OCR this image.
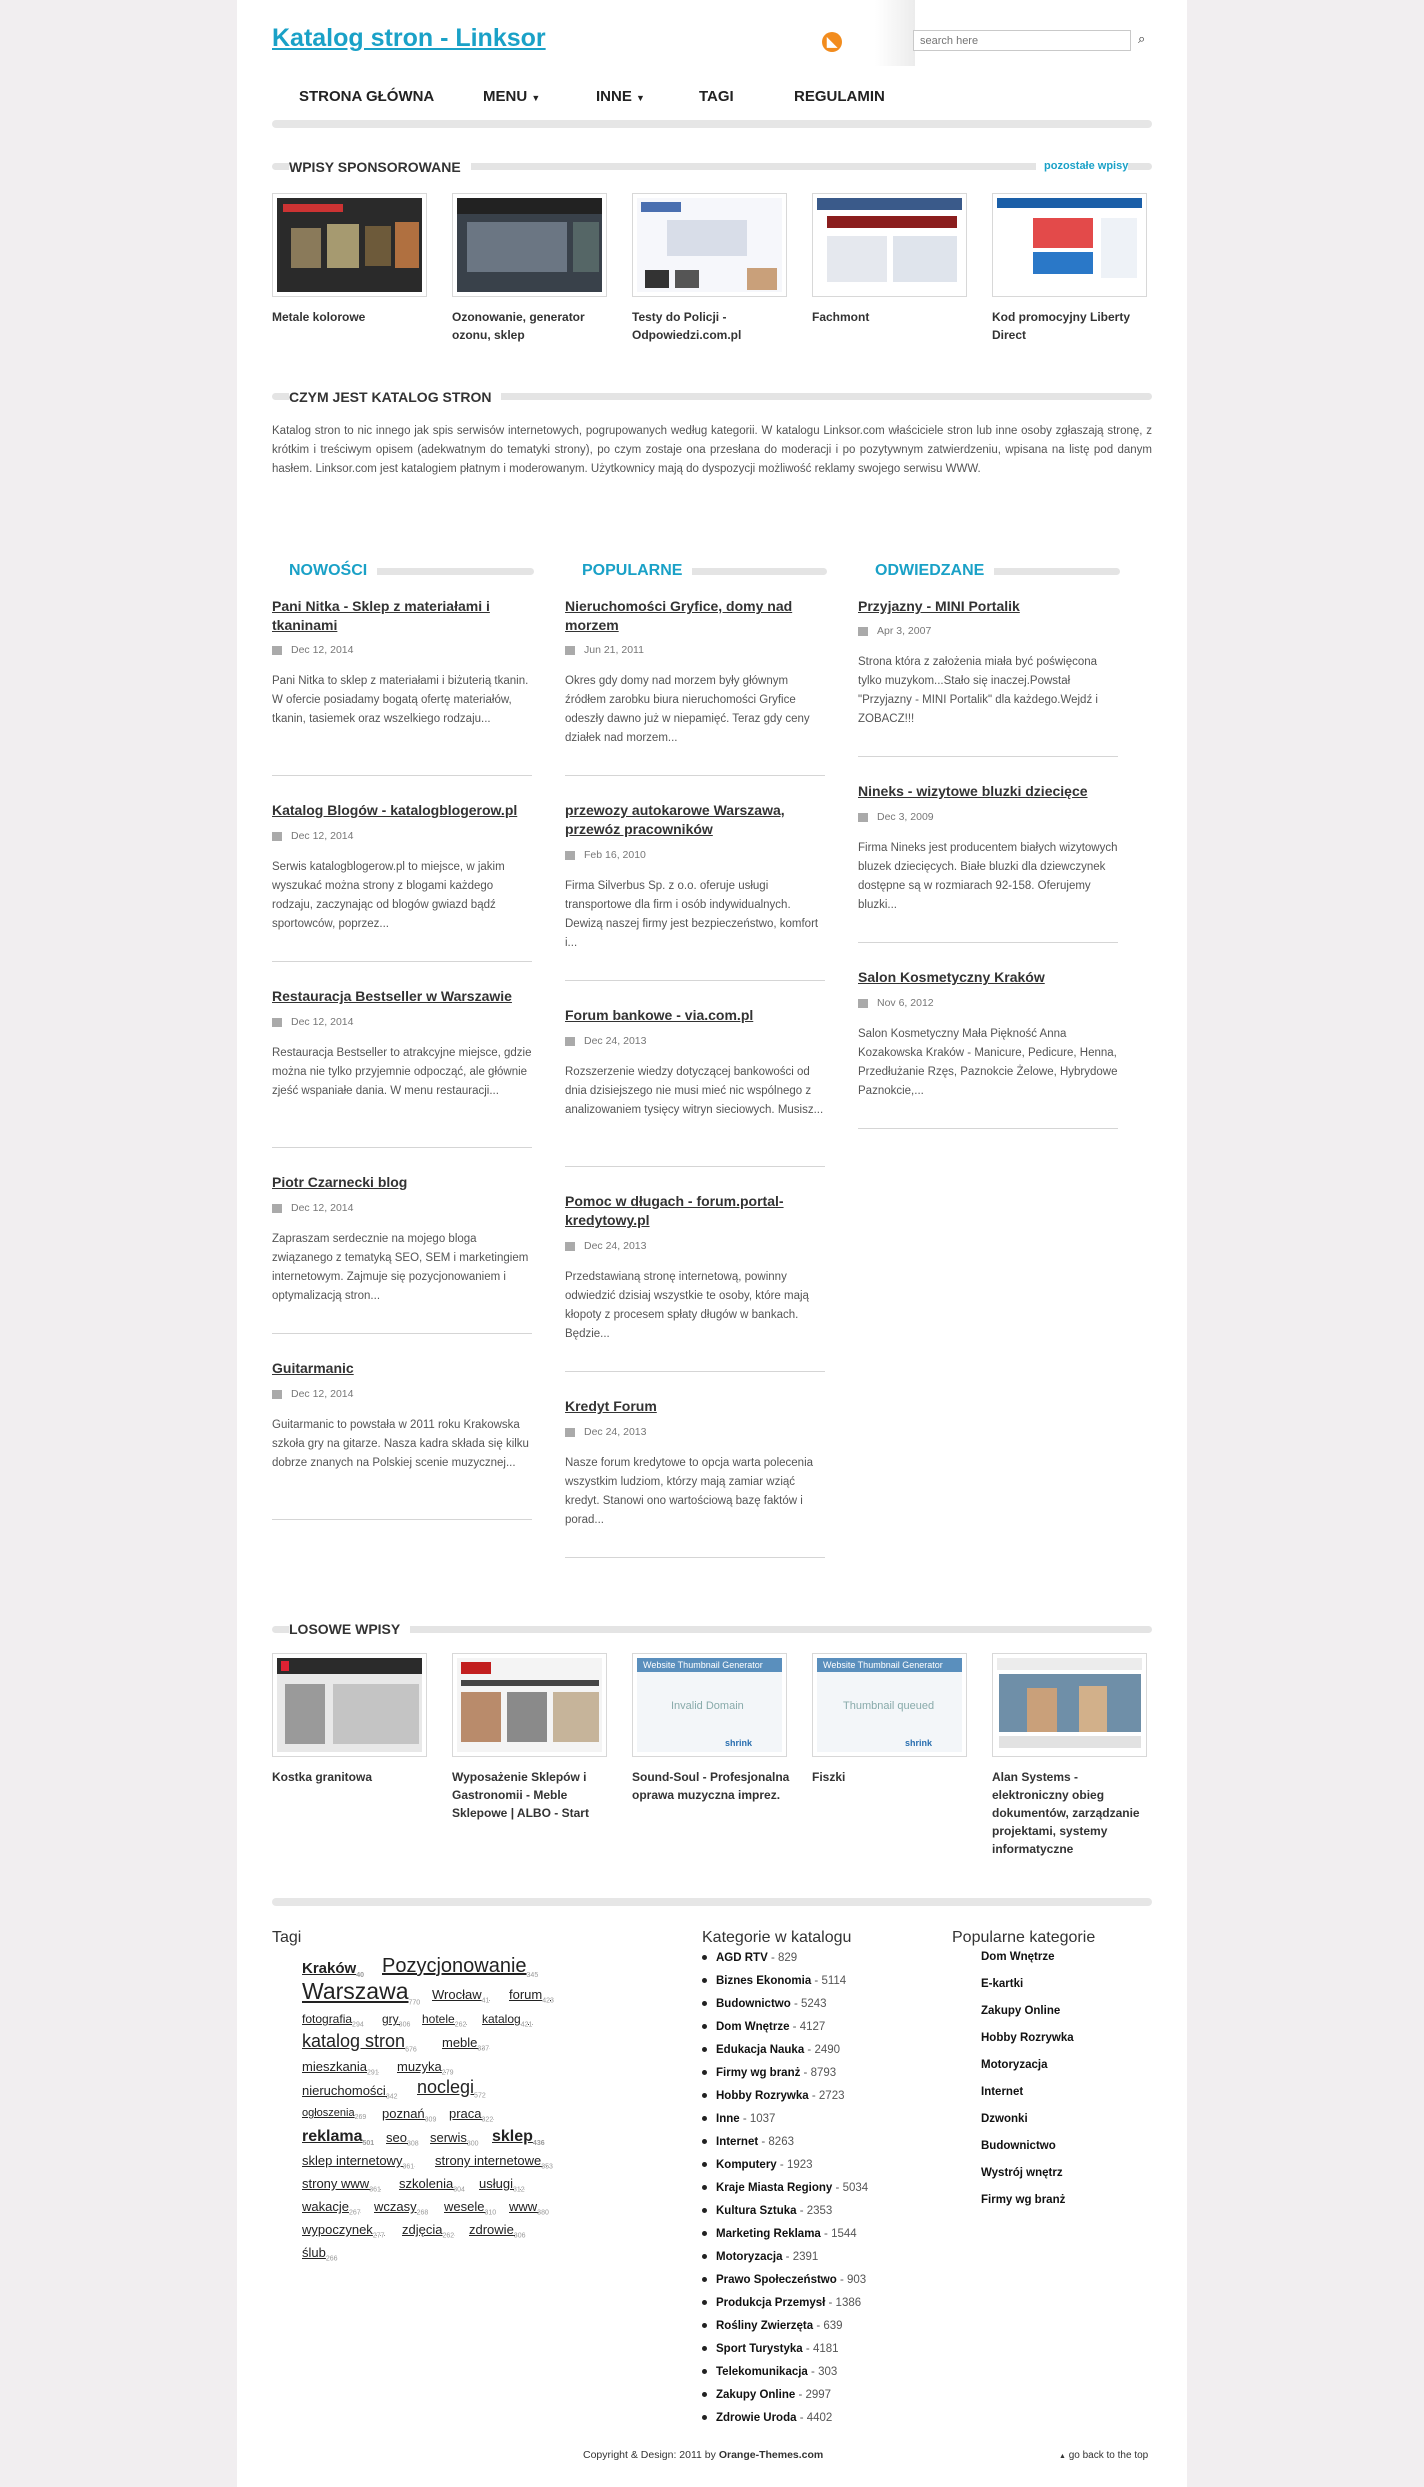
Katalog stron - Linksor	◣
search here	⌕
STRONA GŁÓWNA	MENU ▼	INNE ▼	TAGI	REGULAMIN
WPISY SPONSOROWANE	pozostałe wpisy
Metale kolorowe	Ozonowanie, generator ozonu, sklep
Testy do Policji - Odpowiedzi.com.pl
Fachmont	Kod promocyjny Liberty Direct
CZYM JEST KATALOG STRON
Katalog stron to nic innego jak spis serwisów internetowych, pogrupowanych według kategorii. W katalogu Linksor.com właściciele stron lub inne osoby zgłaszają stronę, z krótkim i treściwym opisem (adekwatnym do tematyki strony), po czym zostaje ona przesłana do moderacji i po pozytywnym zatwierdzeniu, wpisana na listę pod danym hasłem. Linksor.com jest katalogiem płatnym i moderowanym. Użytkownicy mają do dyspozycji możliwość reklamy swojego serwisu WWW.
NOWOŚCI	POPULARNE	ODWIEDZANE
Pani Nitka - Sklep z materiałami i tkaninami
Dec 12, 2014
Pani Nitka to sklep z materiałami i biżuterią tkanin. W ofercie posiadamy bogatą ofertę materiałów, tkanin, tasiemek oraz wszelkiego rodzaju...
Katalog Blogów - katalogblogerow.pl
Dec 12, 2014
Serwis katalogblogerow.pl to miejsce, w jakim wyszukać można strony z blogami każdego rodzaju, zaczynając od blogów gwiazd bądź sportowców, poprzez...
Restauracja Bestseller w Warszawie
Dec 12, 2014
Restauracja Bestseller to atrakcyjne miejsce, gdzie można nie tylko przyjemnie odpocząć, ale głównie zjeść wspaniałe dania. W menu restauracji...
Piotr Czarnecki blog
Dec 12, 2014
Zapraszam serdecznie na mojego bloga związanego z tematyką SEO, SEM i marketingiem internetowym. Zajmuje się pozycjonowaniem i optymalizacją stron...
Guitarmanic
Dec 12, 2014
Guitarmanic to powstała w 2011 roku Krakowska szkoła gry na gitarze. Nasza kadra składa się kilku dobrze znanych na Polskiej scenie muzycznej...
Nieruchomości Gryfice, domy nad morzem
Jun 21, 2011
Okres gdy domy nad morzem były głównym źródłem zarobku biura nieruchomości Gryfice odeszły dawno już w niepamięć. Teraz gdy ceny działek nad morzem...
przewozy autokarowe Warszawa, przewóz pracowników
Feb 16, 2010
Firma Silverbus Sp. z o.o. oferuje usługi transportowe dla firm i osób indywidualnych. Dewizą naszej firmy jest bezpieczeństwo, komfort i...
Forum bankowe - via.com.pl
Dec 24, 2013
Rozszerzenie wiedzy dotyczącej bankowości od dnia dzisiejszego nie musi mieć nic wspólnego z analizowaniem tysięcy witryn sieciowych. Musisz...
Pomoc w długach - forum.portal-kredytowy.pl
Dec 24, 2013
Przedstawianą stronę internetową, powinny odwiedzić dzisiaj wszystkie te osoby, które mają kłopoty z procesem spłaty długów w bankach. Będzie...
Kredyt Forum
Dec 24, 2013
Nasze forum kredytowe to opcja warta polecenia wszystkim ludziom, którzy mają zamiar wziąć kredyt. Stanowi ono wartościową bazę faktów i porad...
Przyjazny - MINI Portalik
Apr 3, 2007
Strona która z założenia miała być poświęcona tylko muzykom...Stało się inaczej.Powstał "Przyjazny - MINI Portalik" dla każdego.Wejdź i ZOBACZ!!!
Nineks - wizytowe bluzki dziecięce
Dec 3, 2009
Firma Nineks jest producentem białych wizytowych bluzek dziecięcych. Białe bluzki dla dziewczynek dostępne są w rozmiarach 92-158. Oferujemy bluzki...
Salon Kosmetyczny Kraków
Nov 6, 2012
Salon Kosmetyczny Mała Piękność Anna Kozakowska Kraków - Manicure, Pedicure, Henna, Przedłużanie Rzęs, Paznokcie Żelowe, Hybrydowe Paznokcie,...
LOSOWE WPISY
Website Thumbnail Generator
Invalid Domain
shrink
Website Thumbnail Generator
Thumbnail queued
shrink
Kostka granitowa	Wyposażenie Sklepów i Gastronomii - Meble Sklepowe | ALBO - Start
Sound-Soul - Profesjonalna oprawa muzyczna imprez.
Fiszki	Alan Systems - elektroniczny obieg dokumentów, zarządzanie projektami, systemy informatyczne
Tagi
Kraków$_{40}$ Pozycjonowanie$_{345}$
Warszawa$_{770}$
Wrocław$_{41}$ forum$_{423}$
fotografia$_{294}$ gry$_{306}$ hotele$_{262}$ katalog$_{421}$
katalog stron$_{676}$
meble$_{337}$
mieszkania$_{291}$ muzyka$_{279}$
nieruchomości$_{342}$
noclegi$_{572}$
ogłoszenia$_{269}$ poznań$_{309}$ praca$_{322}$
reklama$_{501}$ seo$_{308}$ serwis$_{300}$ sklep$_{436}$
sklep internetowy$_{361}$ strony internetowe$_{353}$
strony www$_{361}$ szkolenia$_{304}$ usługi$_{312}$
wakacje$_{267}$ wczasy$_{268}$ wesele$_{310}$ www$_{380}$
wypoczynek$_{277}$ zdjęcia$_{262}$ zdrowie$_{306}$
ślub$_{266}$
Kategorie w katalogu
AGD RTV - 829
Biznes Ekonomia - 5114
Budownictwo - 5243
Dom Wnętrze - 4127
Edukacja Nauka - 2490
Firmy wg branż - 8793
Hobby Rozrywka - 2723
Inne - 1037
Internet - 8263
Komputery - 1923
Kraje Miasta Regiony - 5034
Kultura Sztuka - 2353
Marketing Reklama - 1544
Motoryzacja - 2391
Prawo Społeczeństwo - 903
Produkcja Przemysł - 1386
Rośliny Zwierzęta - 639
Sport Turystyka - 4181
Telekomunikacja - 303
Zakupy Online - 2997
Zdrowie Uroda - 4402
Popularne kategorie
Dom Wnętrze
E-kartki
Zakupy Online
Hobby Rozrywka
Motoryzacja
Internet
Dzwonki
Budownictwo
Wystrój wnętrz
Firmy wg branż
Copyright & Design: 2011 by Orange-Themes.com	▲ go back to the top
